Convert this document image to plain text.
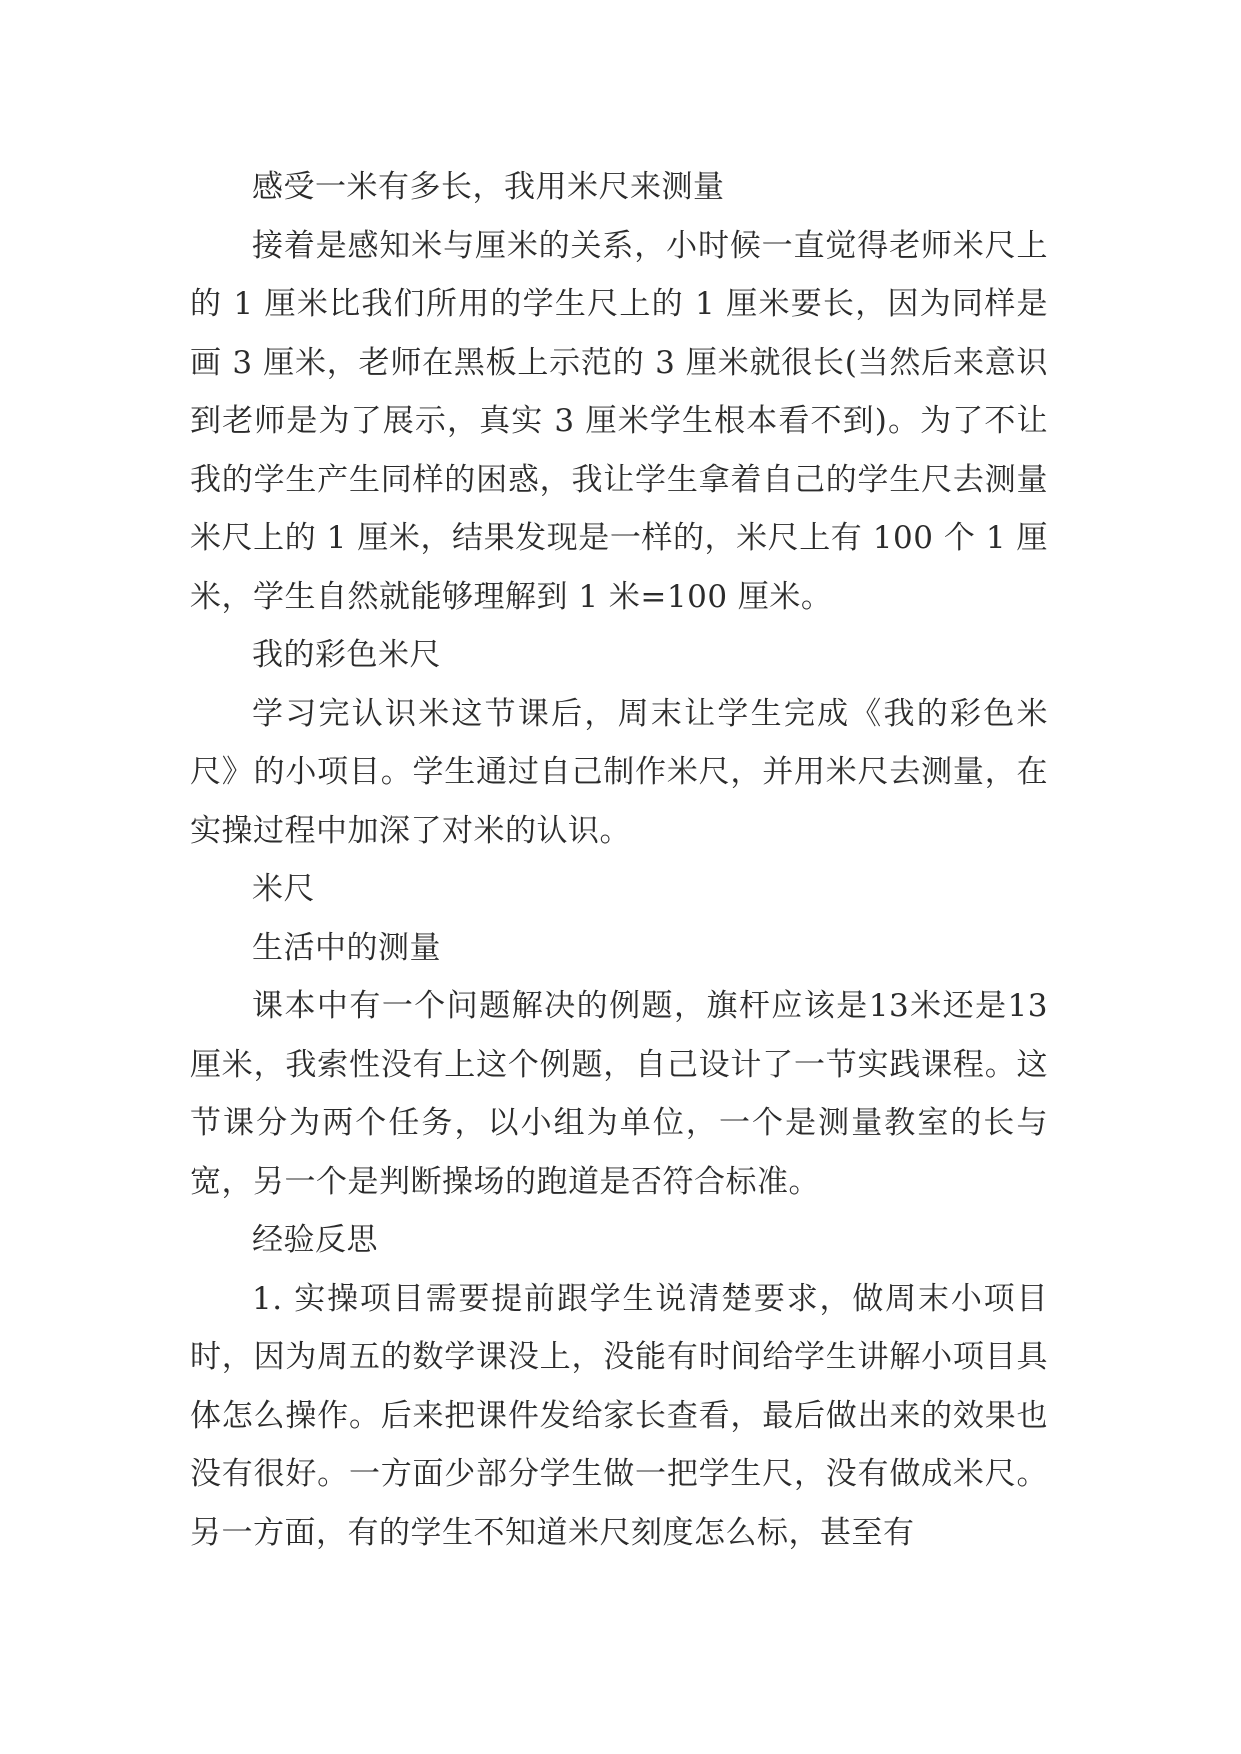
感受一米有多长，我用米尺来测量

接着是感知米与厘米的关系，小时候一直觉得老师米尺上的 1 厘米比我们所用的学生尺上的 1 厘米要长，因为同样是画 3 厘米，老师在黑板上示范的 3 厘米就很长(当然后来意识到老师是为了展示，真实 3 厘米学生根本看不到)。为了不让我的学生产生同样的困惑，我让学生拿着自己的学生尺去测量米尺上的 1 厘米，结果发现是一样的，米尺上有 100 个 1 厘米，学生自然就能够理解到 1 米=100 厘米。

我的彩色米尺

学习完认识米这节课后，周末让学生完成《我的彩色米尺》的小项目。学生通过自己制作米尺，并用米尺去测量，在实操过程中加深了对米的认识。

米尺

生活中的测量

课本中有一个问题解决的例题，旗杆应该是13米还是13厘米，我索性没有上这个例题，自己设计了一节实践课程。这节课分为两个任务，以小组为单位，一个是测量教室的长与宽，另一个是判断操场的跑道是否符合标准。

经验反思

1. 实操项目需要提前跟学生说清楚要求，做周末小项目时，因为周五的数学课没上，没能有时间给学生讲解小项目具体怎么操作。后来把课件发给家长查看，最后做出来的效果也没有很好。一方面少部分学生做一把学生尺，没有做成米尺。另一方面，有的学生不知道米尺刻度怎么标，甚至有
